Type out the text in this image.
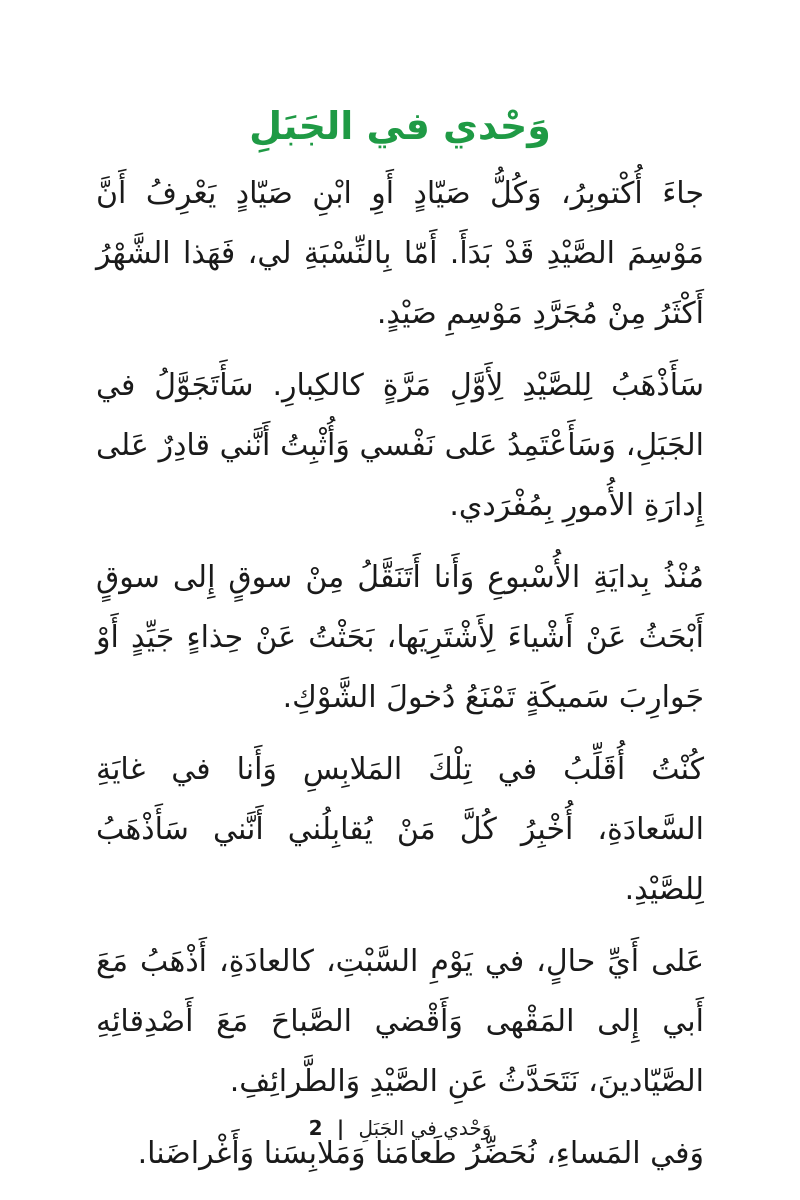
وَحْدي في الجَبَلِ

جاءَ أُكْتوبِرُ، وَكُلُّ صَيّادٍ أَوِ ابْنِ صَيّادٍ يَعْرِفُ أَنَّ مَوْسِمَ الصَّيْدِ قَدْ بَدَأَ. أَمّا بِالنِّسْبَةِ لي، فَهَذا الشَّهْرُ أَكْثَرُ مِنْ مُجَرَّدِ مَوْسِمِ صَيْدٍ.

سَأَذْهَبُ لِلصَّيْدِ لِأَوَّلِ مَرَّةٍ كالكِبارِ. سَأَتَجَوَّلُ في الجَبَلِ، وَسَأَعْتَمِدُ عَلى نَفْسي وَأُثْبِتُ أَنَّني قادِرٌ عَلى إِدارَةِ الأُمورِ بِمُفْرَدي.

مُنْذُ بِدايَةِ الأُسْبوعِ وَأَنا أَتَنَقَّلُ مِنْ سوقٍ إِلى سوقٍ أَبْحَثُ عَنْ أَشْياءَ لِأَشْتَرِيَها، بَحَثْتُ عَنْ حِذاءٍ جَيِّدٍ أَوْ جَوارِبَ سَميكَةٍ تَمْنَعُ دُخولَ الشَّوْكِ.

كُنْتُ أُقَلِّبُ في تِلْكَ المَلابِسِ وَأَنا في غايَةِ السَّعادَةِ، أُخْبِرُ كُلَّ مَنْ يُقابِلُني أَنَّني سَأَذْهَبُ لِلصَّيْدِ.

عَلى أَيِّ حالٍ، في يَوْمِ السَّبْتِ، كالعادَةِ، أَذْهَبُ مَعَ أَبي إِلى المَقْهى وَأَقْضي الصَّباحَ مَعَ أَصْدِقائِهِ الصَّيّادينَ، نَتَحَدَّثُ عَنِ الصَّيْدِ وَالطَّرائِفِ.

وَفي المَساءِ، نُحَضِّرُ طَعامَنا وَمَلابِسَنا وَأَغْراضَنا.

وَحْدي في الجَبَلِ | 2
